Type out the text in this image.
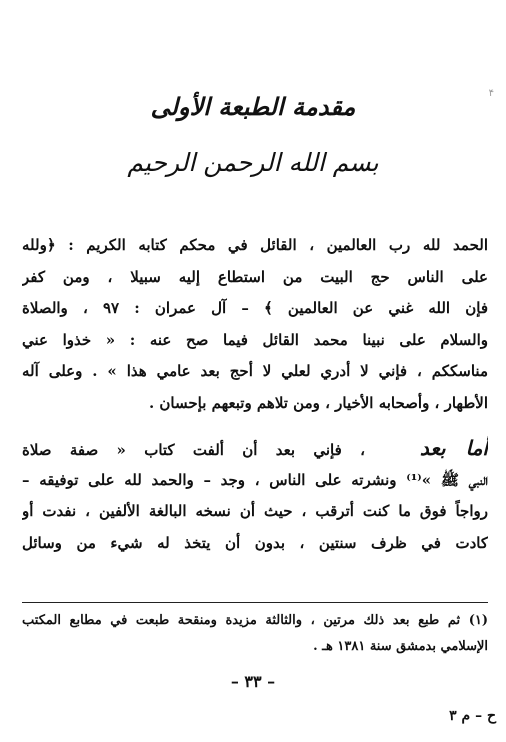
۴
مقدمة الطبعة الأولى
بسم الله الرحمن الرحيم
الحمد لله رب العالمين ، القائل في محكم كتابه الكريم : ﴿ولله
على الناس حج البيت من استطاع إليه سبيلا ، ومن كفر
فإن الله غني عن العالمين ﴾ – آل عمران : ٩٧ ، والصلاة
والسلام على نبينا محمد القائل فيما صح عنه : « خذوا عني
مناسككم ، فإني لا أدري لعلي لا أحج بعد عامي هذا » . وعلى آله
الأطهار ، وأصحابه الأخيار ، ومن تلاهم وتبعهم بإحسان .
أما بعد   ، فإني بعد أن ألفت كتاب « صفة صلاة
النبي ﷺ »⁽¹⁾ ونشرته على الناس ، وجد – والحمد لله على توفيقه –
رواجاً فوق ما كنت أترقب ، حيث أن نسخه البالغة الألفين ، نفدت أو
كادت في ظرف سنتين ، بدون أن يتخذ له شيء من وسائل
(١) ثم طبع بعد ذلك مرتين ، والثالثة مزيدة ومنقحة طبعت في مطابع المكتب
الإسلامي بدمشق سنة ١٣٨١ هـ .
– ٣٣ –
ح – م ٣
